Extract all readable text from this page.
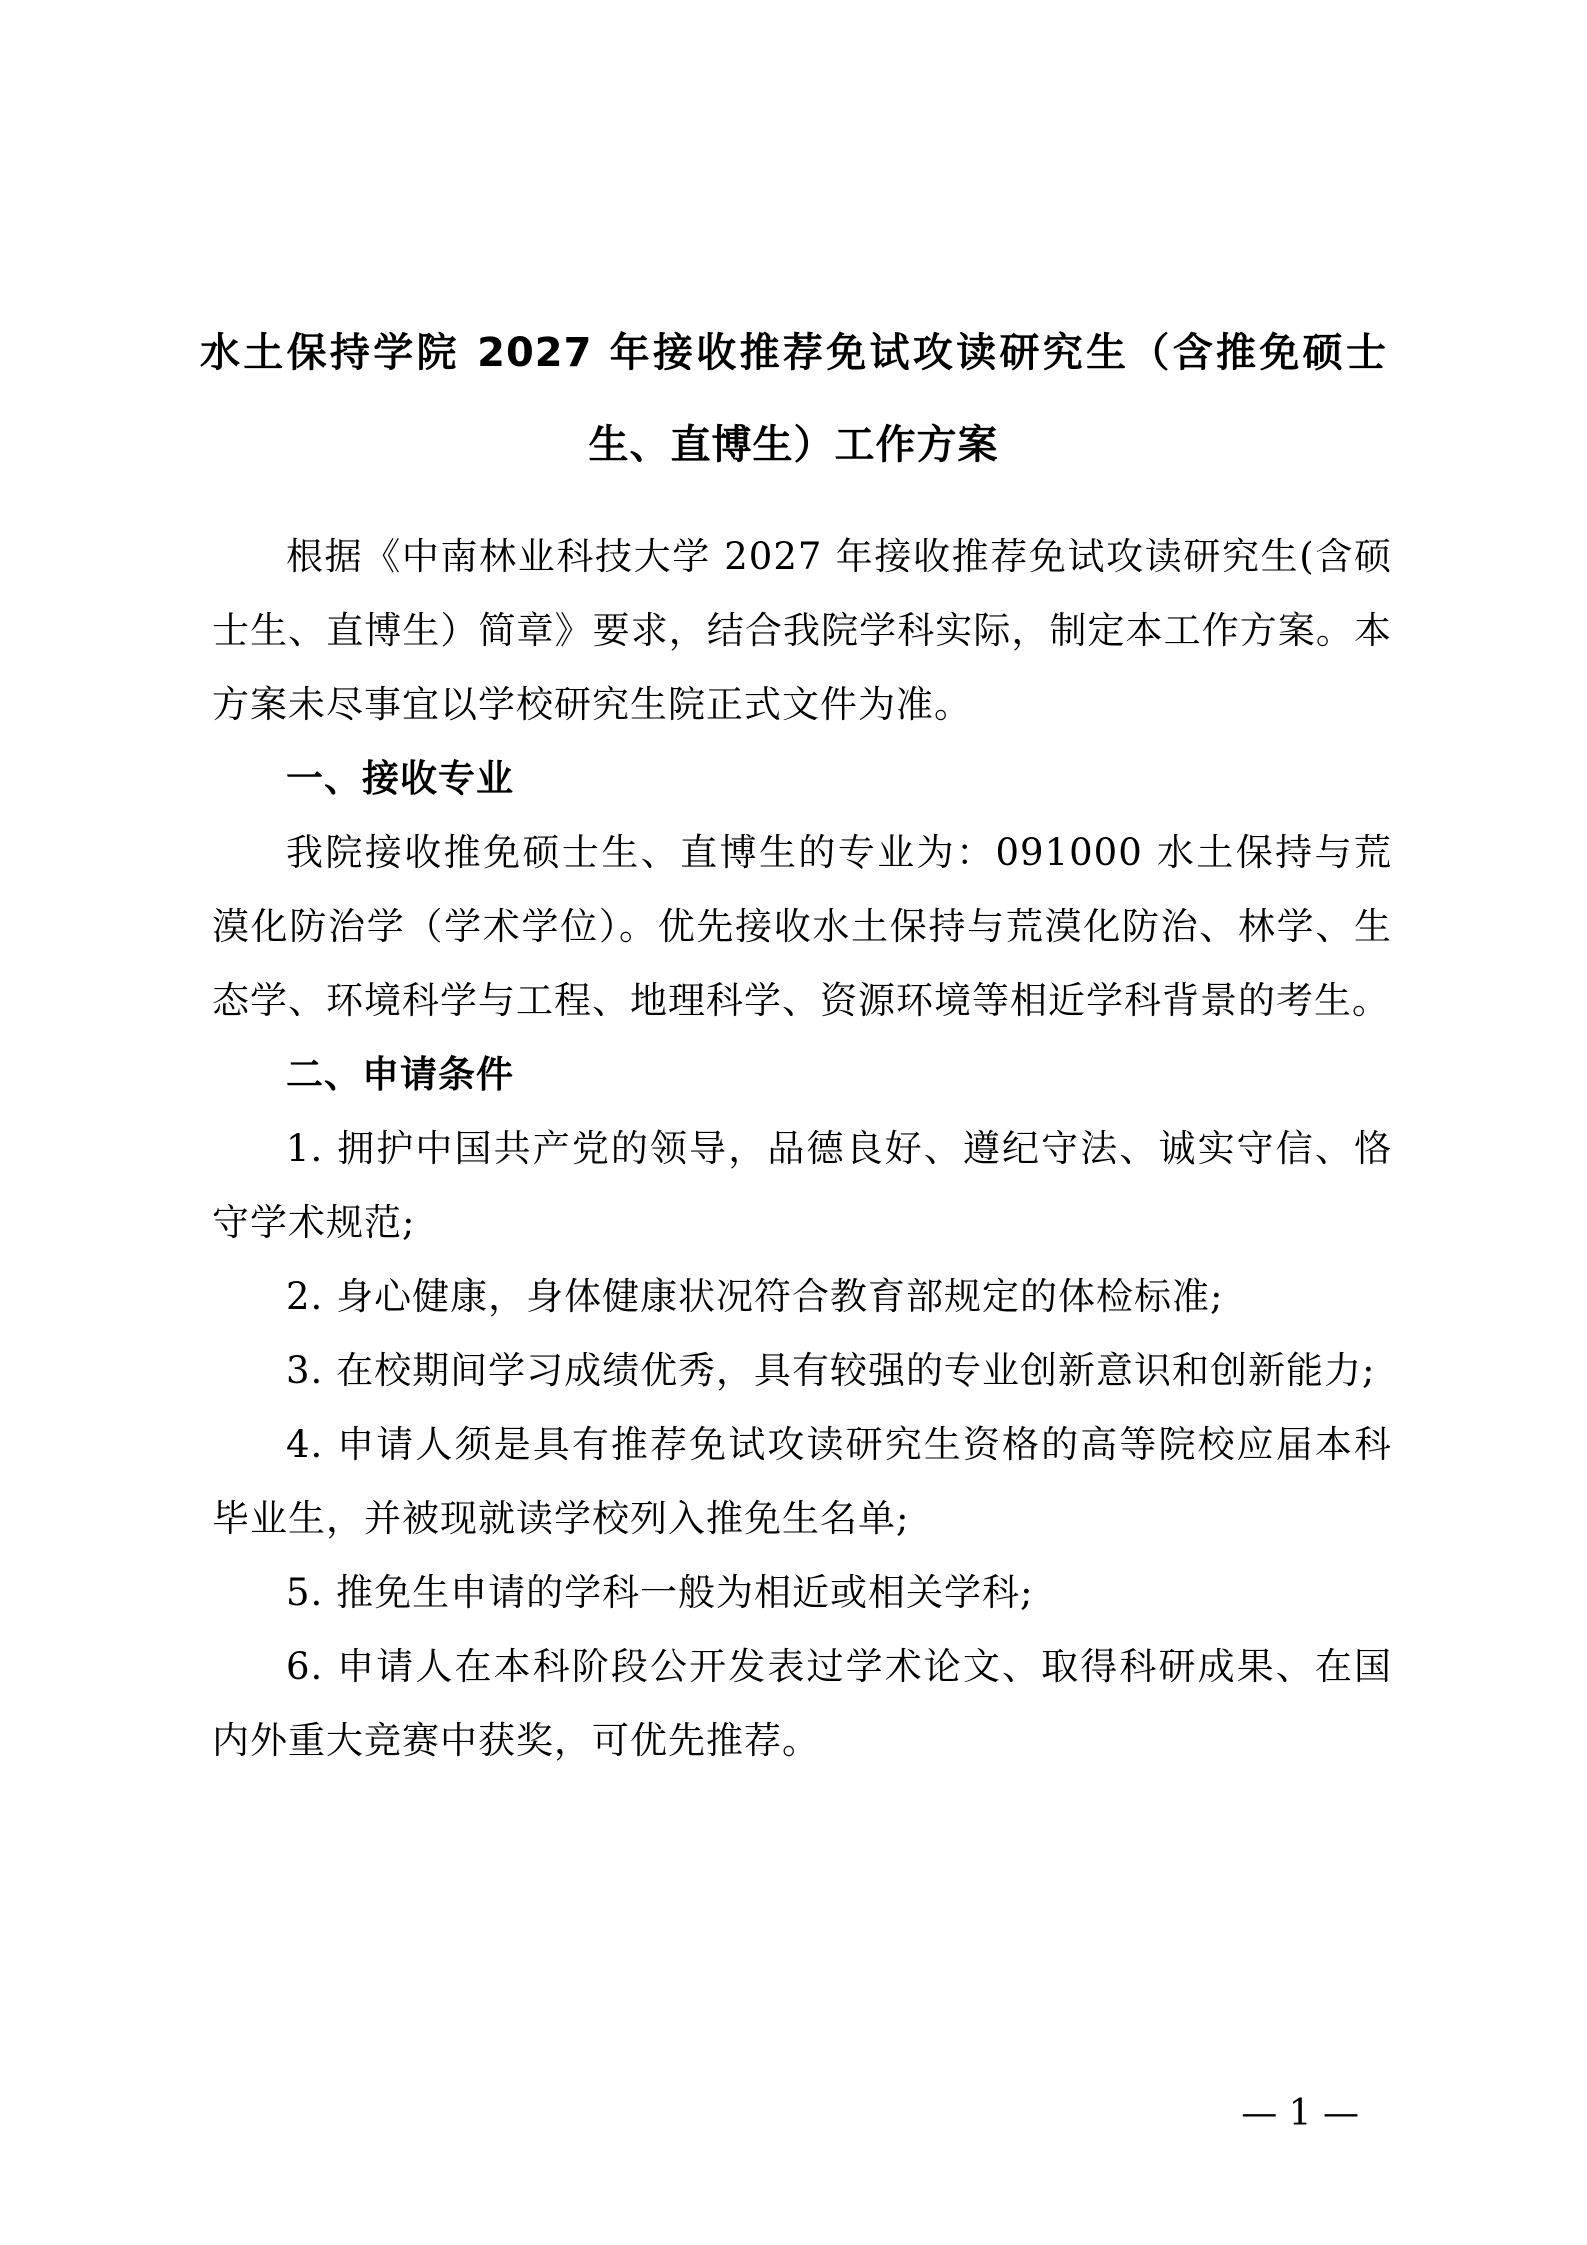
水土保持学院 2027 年接收推荐免试攻读研究生（含推免硕士生、直博生）工作方案

根据《中南林业科技大学 2027 年接收推荐免试攻读研究生(含硕士生、直博生）简章》要求，结合我院学科实际，制定本工作方案。本方案未尽事宜以学校研究生院正式文件为准。

一、接收专业

我院接收推免硕士生、直博生的专业为：091000 水土保持与荒漠化防治学（学术学位）。优先接收水土保持与荒漠化防治、林学、生态学、环境科学与工程、地理科学、资源环境等相近学科背景的考生。

二、申请条件

1. 拥护中国共产党的领导，品德良好、遵纪守法、诚实守信、恪守学术规范;

2. 身心健康，身体健康状况符合教育部规定的体检标准;

3. 在校期间学习成绩优秀，具有较强的专业创新意识和创新能力;

4. 申请人须是具有推荐免试攻读研究生资格的高等院校应届本科毕业生，并被现就读学校列入推免生名单;

5. 推免生申请的学科一般为相近或相关学科;

6. 申请人在本科阶段公开发表过学术论文、取得科研成果、在国内外重大竞赛中获奖，可优先推荐。

— 1 —
